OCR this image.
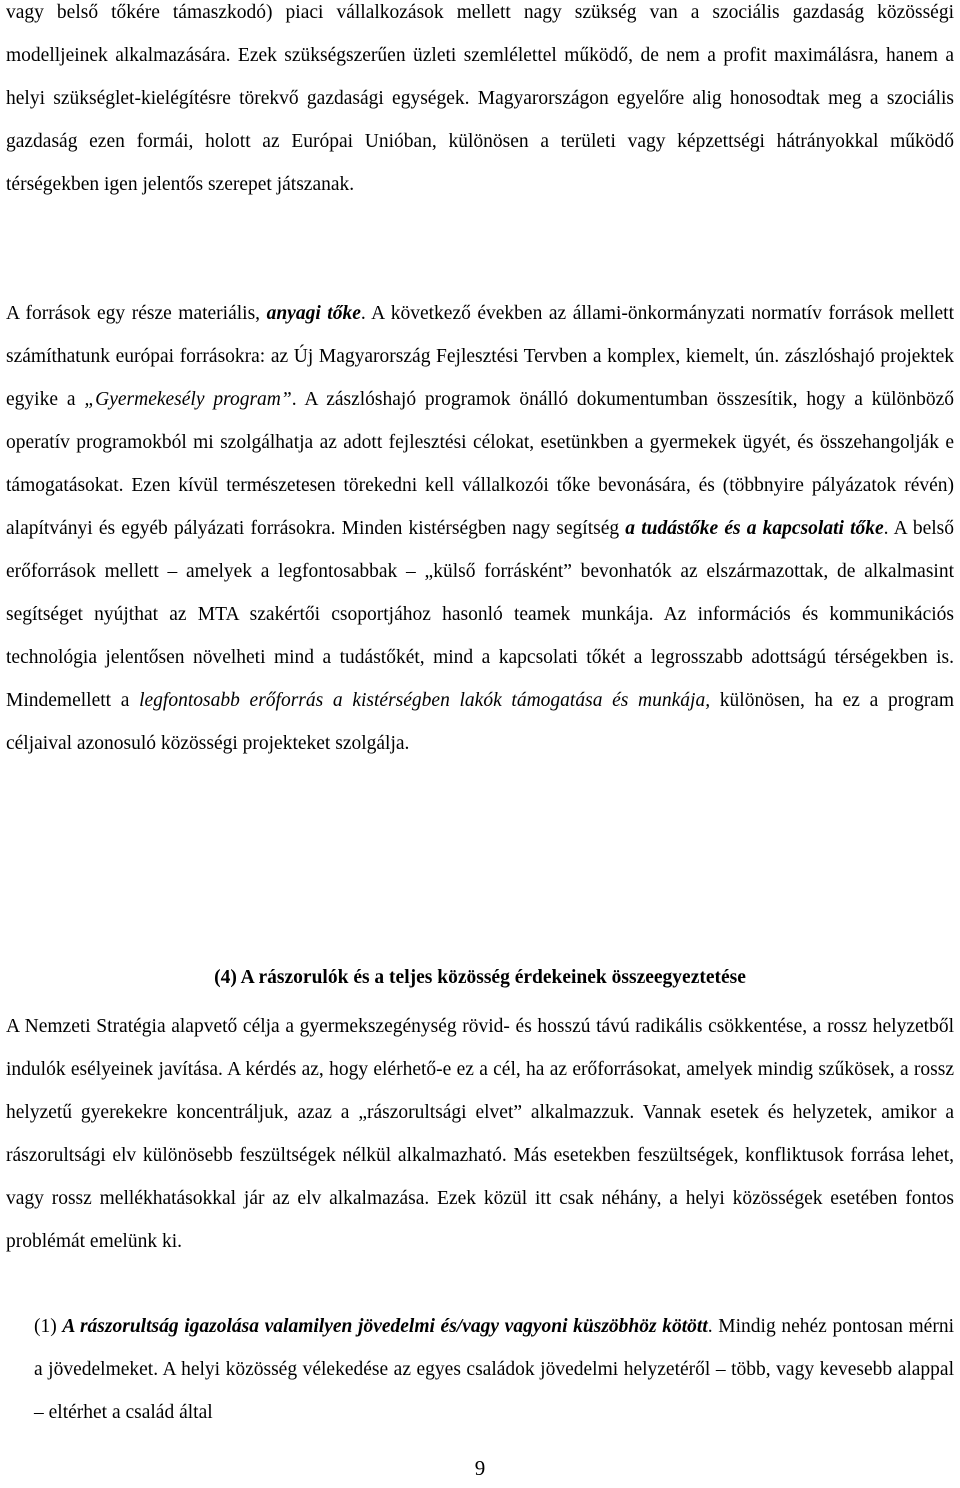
vagy belső tőkére támaszkodó) piaci vállalkozások mellett nagy szükség van a szociális gazdaság közösségi modelljeinek alkalmazására. Ezek szükségszerűen üzleti szemlélettel működő, de nem a profit maximálásra, hanem a helyi szükséglet-kielégítésre törekvő gazdasági egységek. Magyarországon egyelőre alig honosodtak meg a szociális gazdaság ezen formái, holott az Európai Unióban, különösen a területi vagy képzettségi hátrányokkal működő térségekben igen jelentős szerepet játszanak.

A források egy része materiális, anyagi tőke. A következő években az állami-önkormányzati normatív források mellett számíthatunk európai forrásokra: az Új Magyarország Fejlesztési Tervben a komplex, kiemelt, ún. zászlóshajó projektek egyike a „Gyermekesély program”. A zászlóshajó programok önálló dokumentumban összesítik, hogy a különböző operatív programokból mi szolgálhatja az adott fejlesztési célokat, esetünkben a gyermekek ügyét, és összehangolják e támogatásokat. Ezen kívül természetesen törekedni kell vállalkozói tőke bevonására, és (többnyire pályázatok révén) alapítványi és egyéb pályázati forrásokra. Minden kistérségben nagy segítség a tudástőke és a kapcsolati tőke. A belső erőforrások mellett – amelyek a legfontosabbak – „külső forrásként” bevonhatók az elszármazottak, de alkalmasint segítséget nyújthat az MTA szakértői csoportjához hasonló teamek munkája. Az információs és kommunikációs technológia jelentősen növelheti mind a tudástőkét, mind a kapcsolati tőkét a legrosszabb adottságú térségekben is. Mindemellett a legfontosabb erőforrás a kistérségben lakók támogatása és munkája, különösen, ha ez a program céljaival azonosuló közösségi projekteket szolgálja.

(4) A rászorulók és a teljes közösség érdekeinek összeegyeztetése

A Nemzeti Stratégia alapvető célja a gyermekszegénység rövid- és hosszú távú radikális csökkentése, a rossz helyzetből indulók esélyeinek javítása. A kérdés az, hogy elérhető-e ez a cél, ha az erőforrásokat, amelyek mindig szűkösek, a rossz helyzetű gyerekekre koncentráljuk, azaz a „rászorultsági elvet” alkalmazzuk. Vannak esetek és helyzetek, amikor a rászorultsági elv különösebb feszültségek nélkül alkalmazható. Más esetekben feszültségek, konfliktusok forrása lehet, vagy rossz mellékhatásokkal jár az elv alkalmazása. Ezek közül itt csak néhány, a helyi közösségek esetében fontos problémát emelünk ki.

(1) A rászorultság igazolása valamilyen jövedelmi és/vagy vagyoni küszöbhöz kötött. Mindig nehéz pontosan mérni a jövedelmeket. A helyi közösség vélekedése az egyes családok jövedelmi helyzetéről – több, vagy kevesebb alappal – eltérhet a család által
9
